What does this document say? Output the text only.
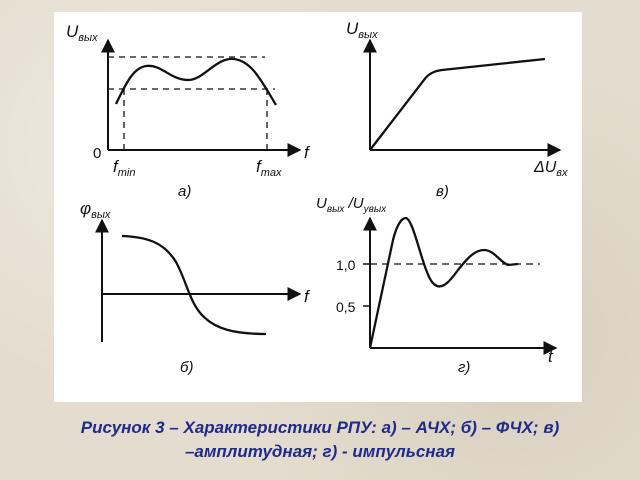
$U_{вых}$
f
0
$f_{min}$	$f_{max}$
а)
$U_{вых}$
$\Delta U_{вх}$
в)
$\varphi_{вых}$
f
б)
$U_{вых}$ $/U_{увых}$
1,0
0,5
t
г)
Рисунок 3 – Характеристики РПУ: а) – АЧХ; б) – ФЧХ; в)
–амплитудная; г) - импульсная
